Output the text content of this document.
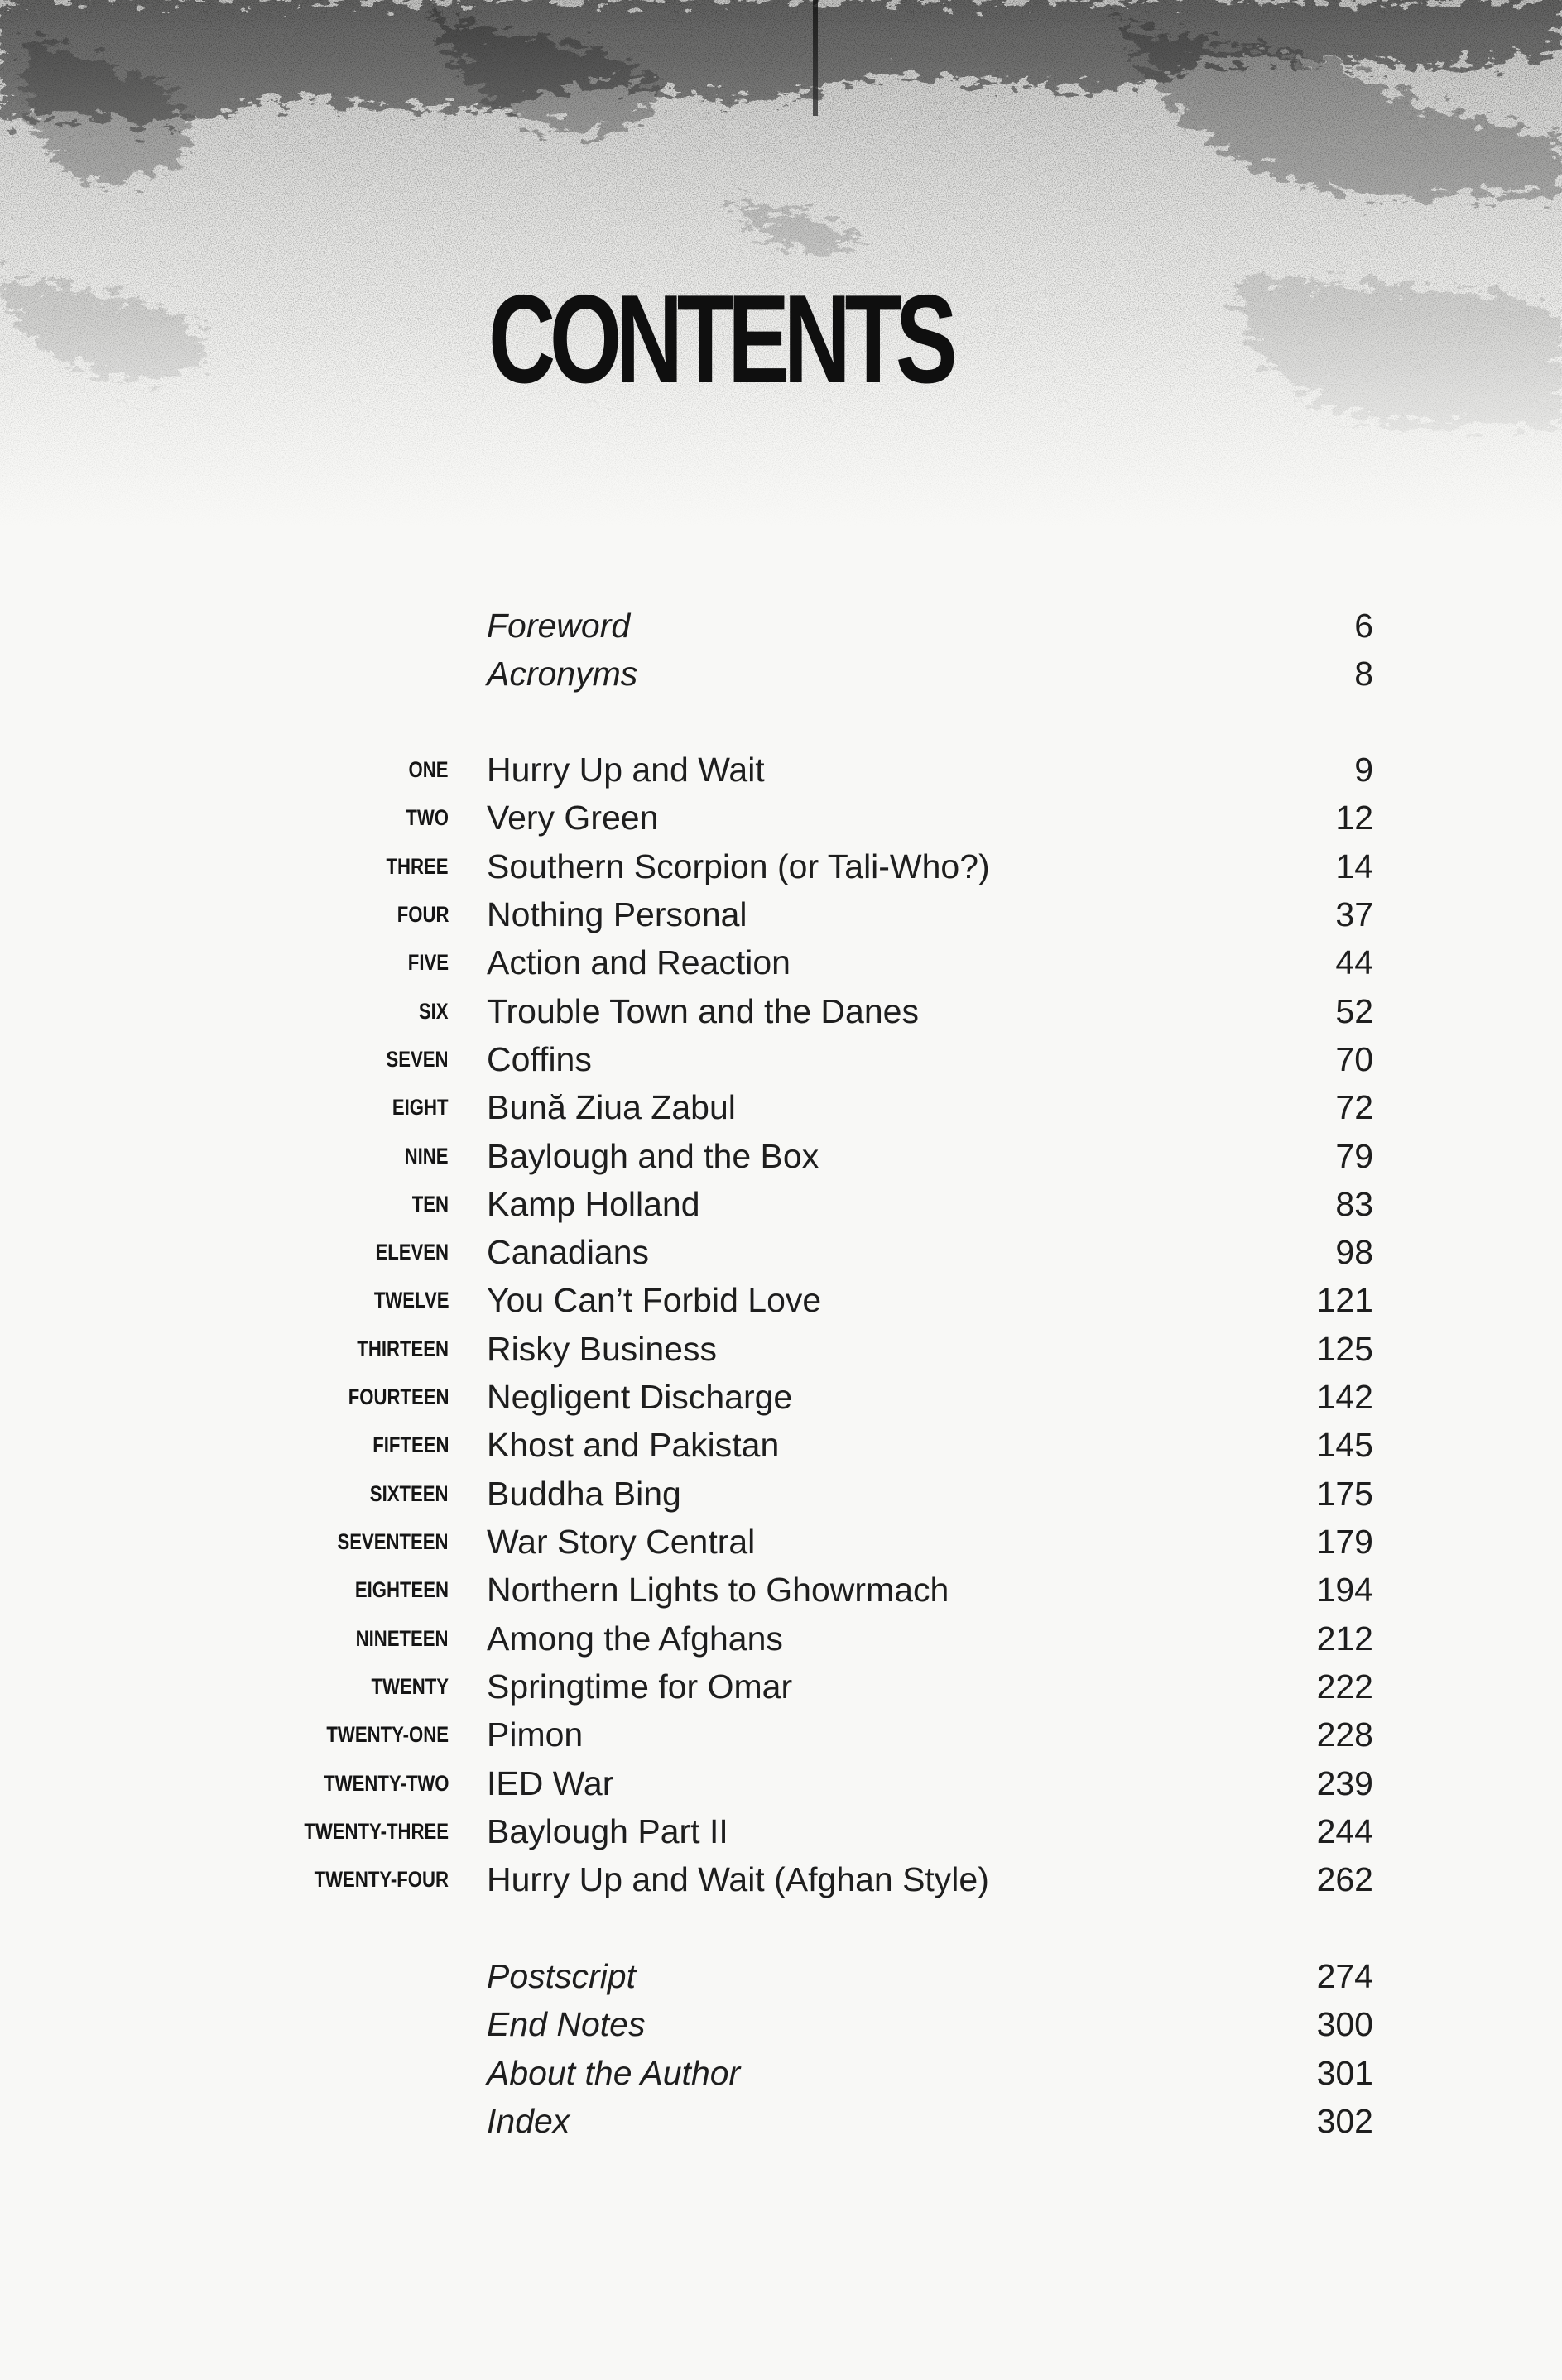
CONTENTS
Foreword	6
Acronyms	8
ONE Hurry Up and Wait	9
TWO Very Green	12
THREE Southern Scorpion (or Tali-Who?)	14
FOUR Nothing Personal	37
FIVE Action and Reaction	44
SIX Trouble Town and the Danes	52
SEVEN Coffins	70
EIGHT Bună Ziua Zabul	72
NINE Baylough and the Box	79
TEN Kamp Holland	83
ELEVEN Canadians	98
TWELVE You Can’t Forbid Love	121
THIRTEEN Risky Business	125
FOURTEEN Negligent Discharge	142
FIFTEEN Khost and Pakistan	145
SIXTEEN Buddha Bing	175
SEVENTEEN War Story Central	179
EIGHTEEN Northern Lights to Ghowrmach	194
NINETEEN Among the Afghans	212
TWENTY Springtime for Omar	222
TWENTY-ONE Pimon	228
TWENTY-TWO IED War	239
TWENTY-THREE Baylough Part II	244
TWENTY-FOUR Hurry Up and Wait (Afghan Style)	262
Postscript	274
End Notes	300
About the Author	301
Index	302
